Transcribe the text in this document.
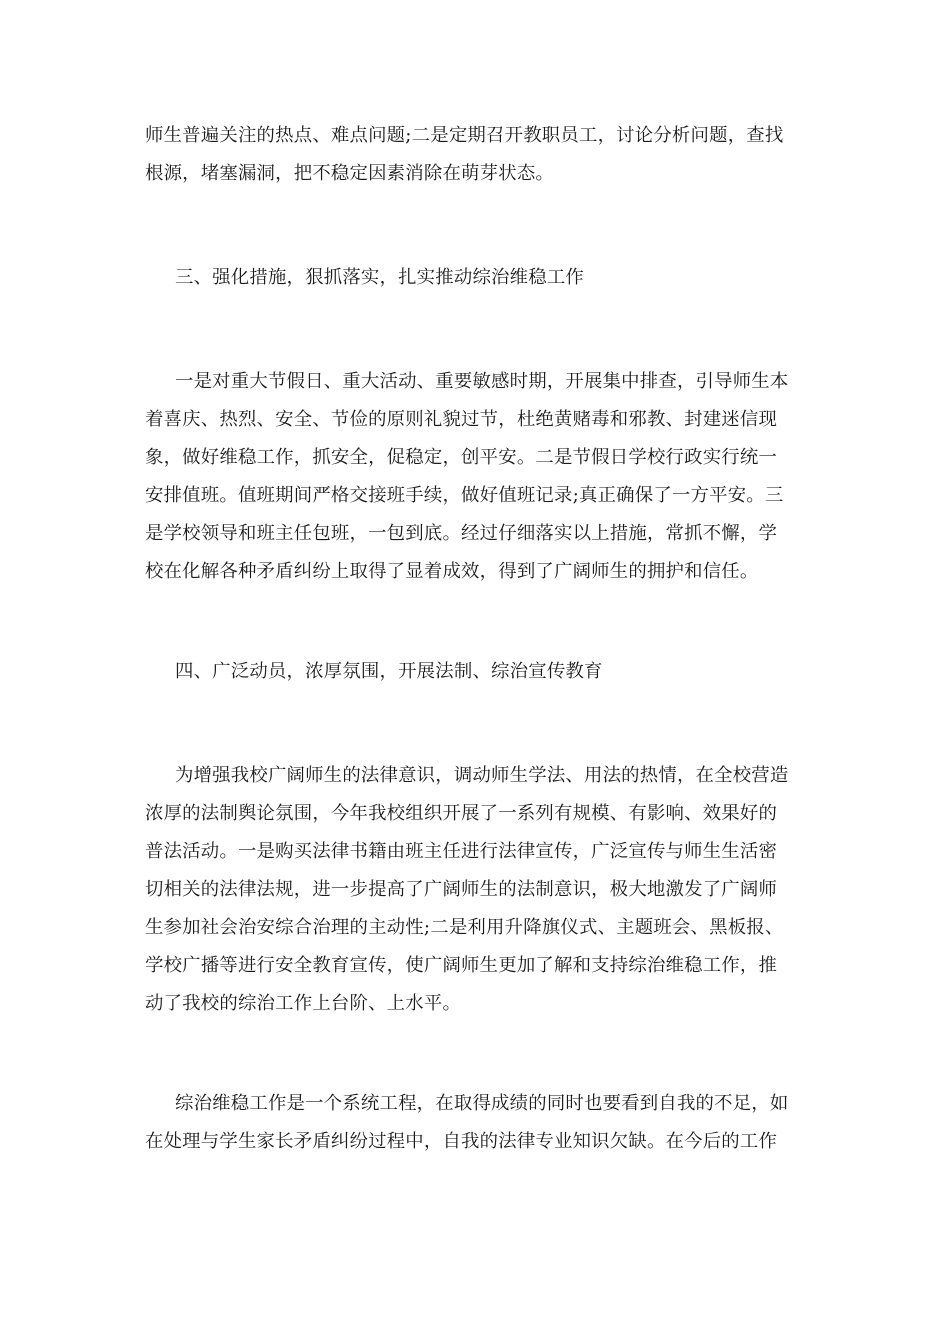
师生普遍关注的热点、难点问题;二是定期召开教职员工，讨论分析问题，查找
根源，堵塞漏洞，把不稳定因素消除在萌芽状态。
三、强化措施，狠抓落实，扎实推动综治维稳工作
一是对重大节假日、重大活动、重要敏感时期，开展集中排查，引导师生本
着喜庆、热烈、安全、节俭的原则礼貌过节，杜绝黄赌毒和邪教、封建迷信现
象，做好维稳工作，抓安全，促稳定，创平安。二是节假日学校行政实行统一
安排值班。值班期间严格交接班手续，做好值班记录;真正确保了一方平安。三
是学校领导和班主任包班，一包到底。经过仔细落实以上措施，常抓不懈，学
校在化解各种矛盾纠纷上取得了显着成效，得到了广阔师生的拥护和信任。
四、广泛动员，浓厚氛围，开展法制、综治宣传教育
为增强我校广阔师生的法律意识，调动师生学法、用法的热情，在全校营造
浓厚的法制舆论氛围，今年我校组织开展了一系列有规模、有影响、效果好的
普法活动。一是购买法律书籍由班主任进行法律宣传，广泛宣传与师生生活密
切相关的法律法规，进一步提高了广阔师生的法制意识，极大地激发了广阔师
生参加社会治安综合治理的主动性;二是利用升降旗仪式、主题班会、黑板报、
学校广播等进行安全教育宣传，使广阔师生更加了解和支持综治维稳工作，推
动了我校的综治工作上台阶、上水平。
综治维稳工作是一个系统工程，在取得成绩的同时也要看到自我的不足，如
在处理与学生家长矛盾纠纷过程中，自我的法律专业知识欠缺。在今后的工作
